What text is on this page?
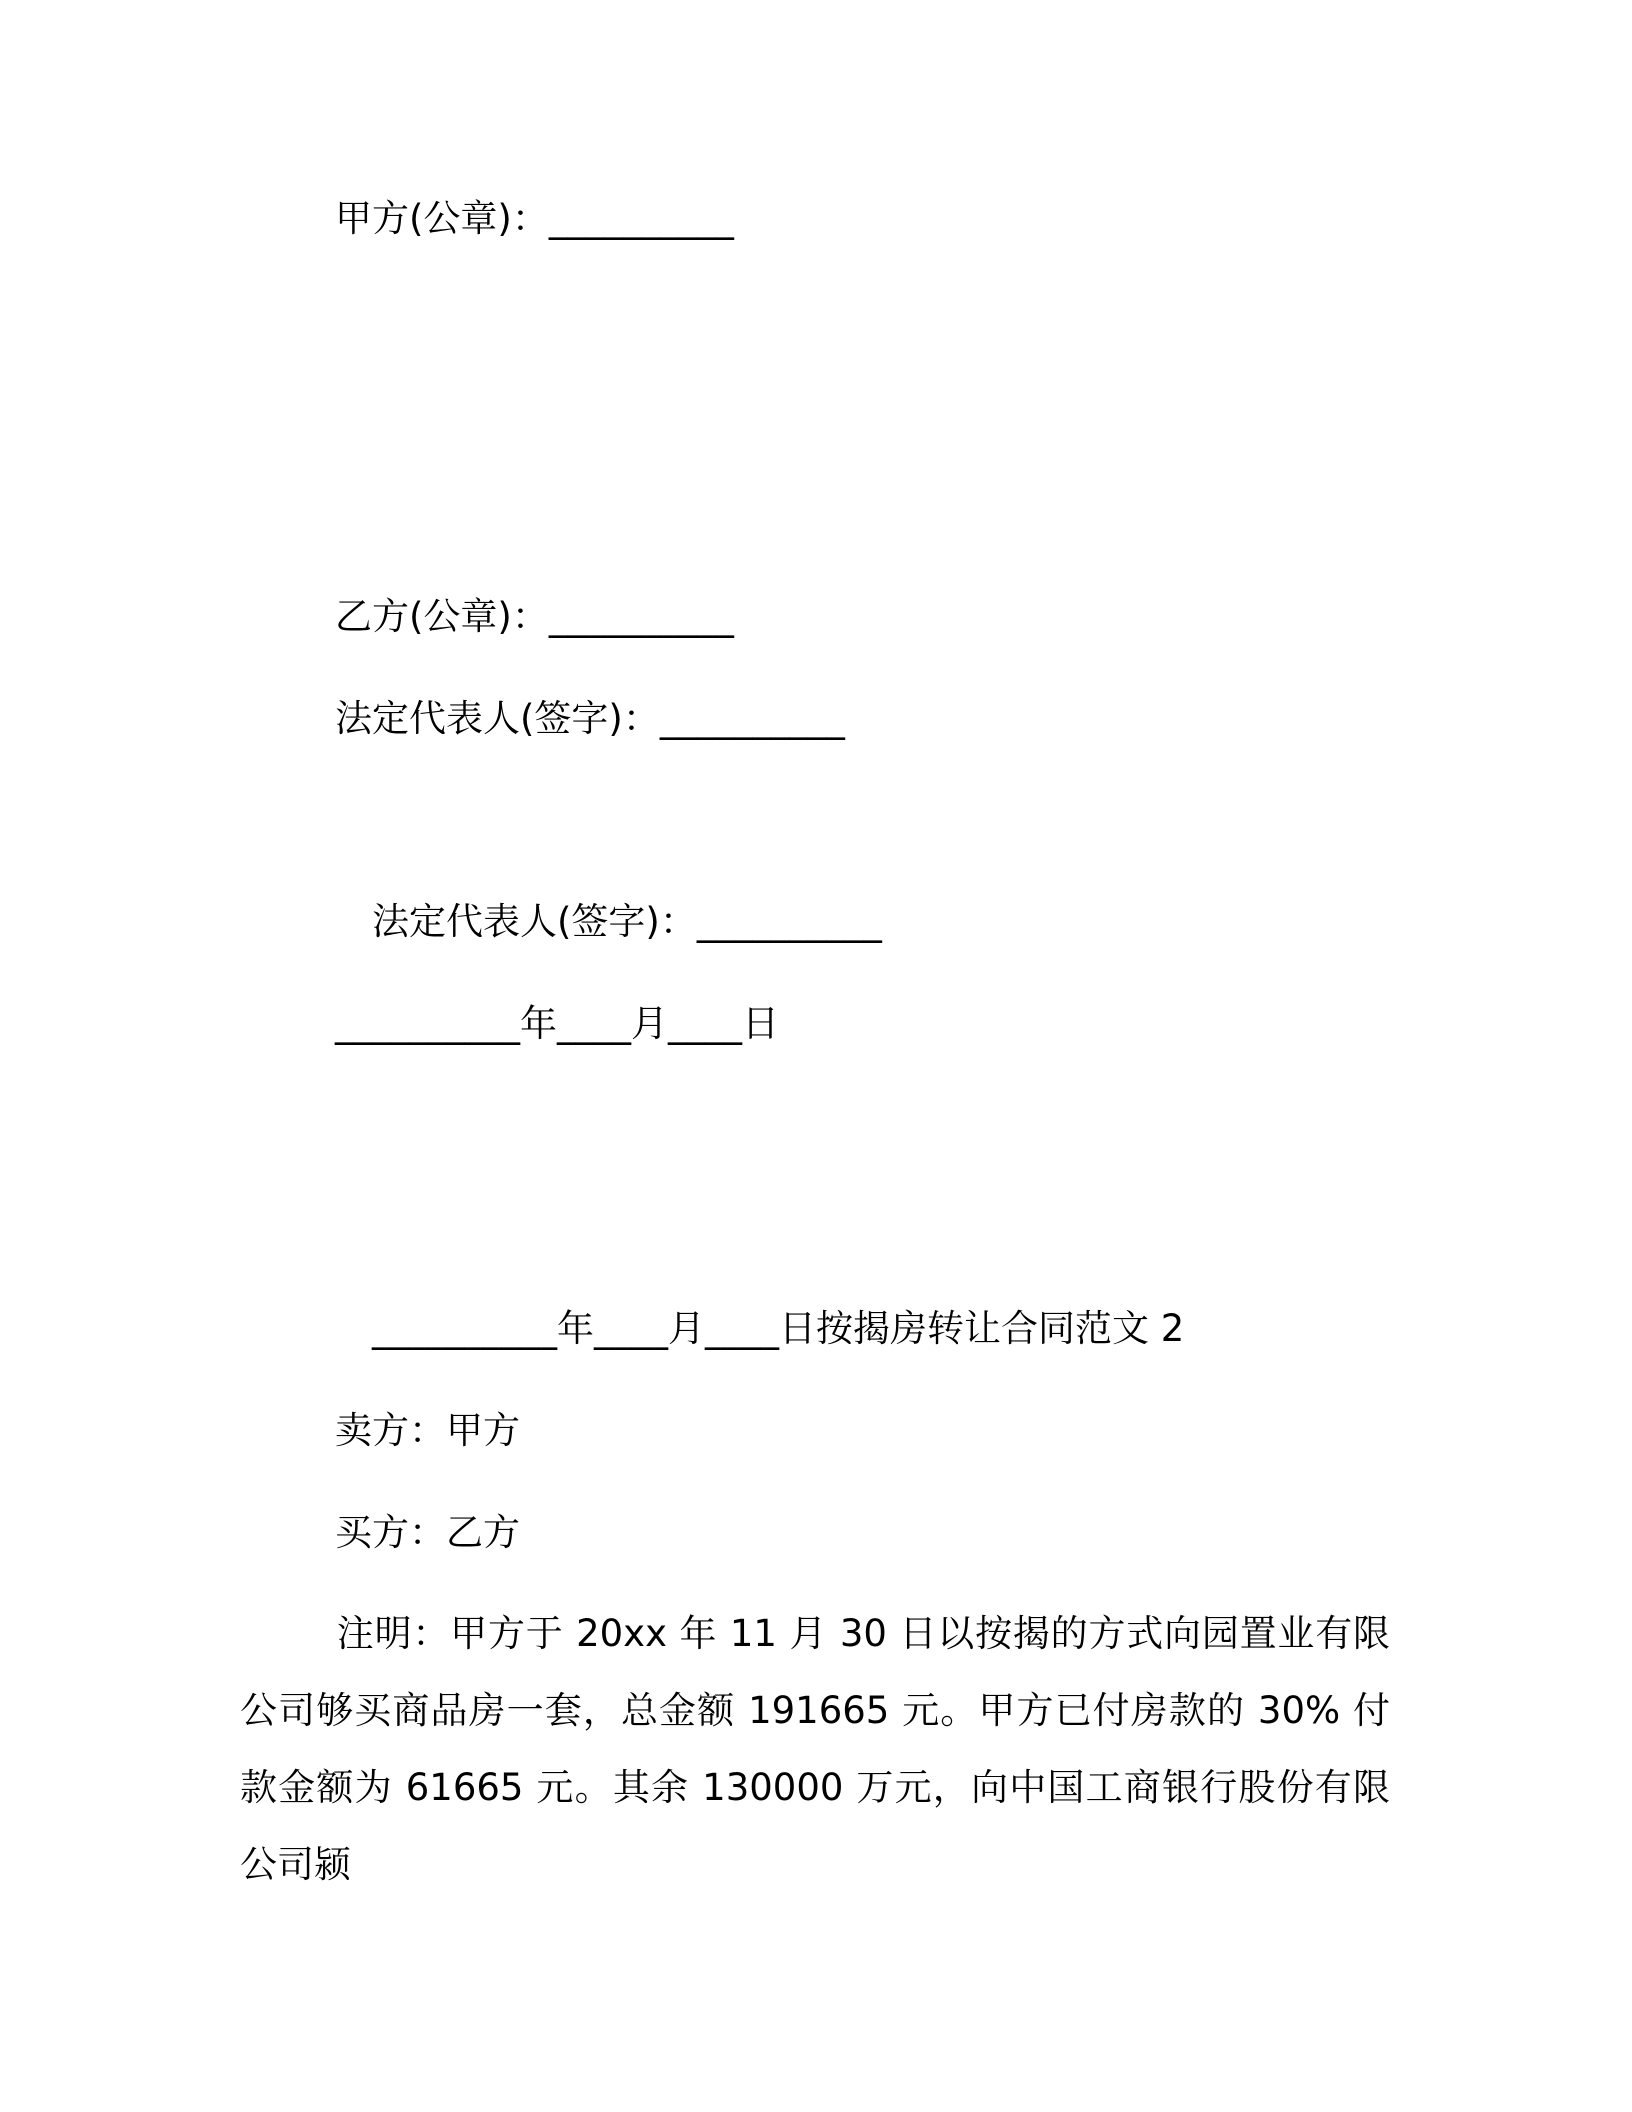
甲方(公章)：__________
乙方(公章)：__________
法定代表人(签字)：__________
法定代表人(签字)：__________
__________年____月____日
__________年____月____日按揭房转让合同范文 2
卖方：甲方
买方：乙方
注明：甲方于 20xx 年 11 月 30 日以按揭的方式向园置业有限公司够买商品房一套，总金额 191665 元。甲方已付房款的 30% 付款金额为 61665 元。其余 130000 万元，向中国工商银行股份有限公司颍
